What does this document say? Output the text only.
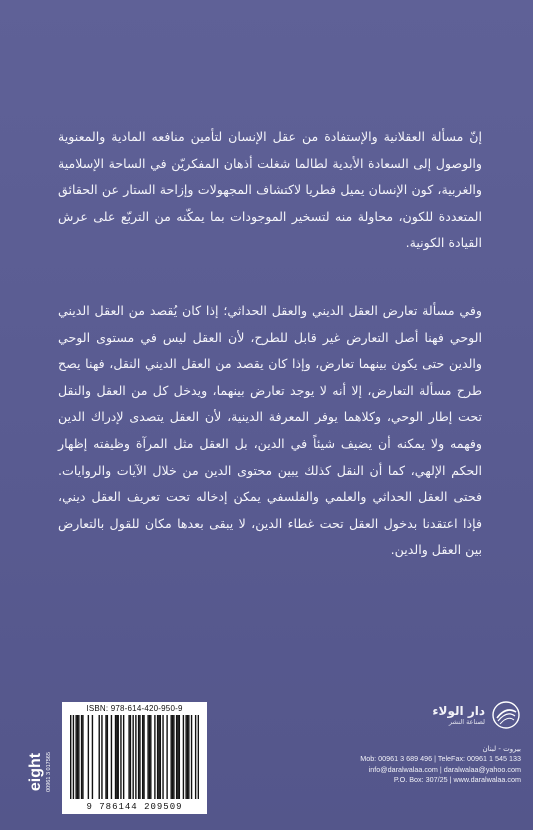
إنّ مسألة العقلانية والإستفادة من عقل الإنسان لتأمين منافعه المادية والمعنوية والوصول إلى السعادة الأبدية لطالما شغلت أذهان المفكريّن في الساحة الإسلامية والغربية، كون الإنسان يميل فطريا لاكتشاف المجهولات وإزاحة الستار عن الحقائق المتعددة للكون، محاولة منه لتسخير الموجودات بما يمكّنه من التربّع على عرش القيادة الكونية.

وفي مسألة تعارض العقل الديني والعقل الحداثي؛ إذا كان يُقصد من العقل الديني الوحي فهنا أصل التعارض غير قابل للطرح، لأن العقل ليس في مستوى الوحي والدين حتى يكون بينهما تعارض، وإذا كان يقصد من العقل الديني النقل، فهنا يصح طرح مسألة التعارض، إلا أنه لا يوجد تعارض بينهما، ويدخل كل من العقل والنقل تحت إطار الوحي، وكلاهما يوفر المعرفة الدينية، لأن العقل يتصدى لإدراك الدين وفهمه ولا يمكنه أن يضيف شيئاً في الدين، بل العقل مثل المرآة وظيفته إظهار الحكم الإلهي، كما أن النقل كذلك يبين محتوى الدين من خلال الآيات والروايات. فحتى العقل الحداثي والعلمي والفلسفي يمكن إدخاله تحت تعريف العقل ديني، فإذا اعتقدنا بدخول العقل تحت غطاء الدين، لا يبقى بعدها مكان للقول بالتعارض بين العقل والدين.

eight 00961 3 017565
ISBN: 978-614-420-950-9
9 786144 209509
دار الولاء
لصناعة النشر
بيروت - لبنان
Mob: 00961 3 689 496 | TeleFax: 00961 1 545 133
info@daralwalaa.com | daralwalaa@yahoo.com
P.O. Box: 307/25 | www.daralwalaa.com
